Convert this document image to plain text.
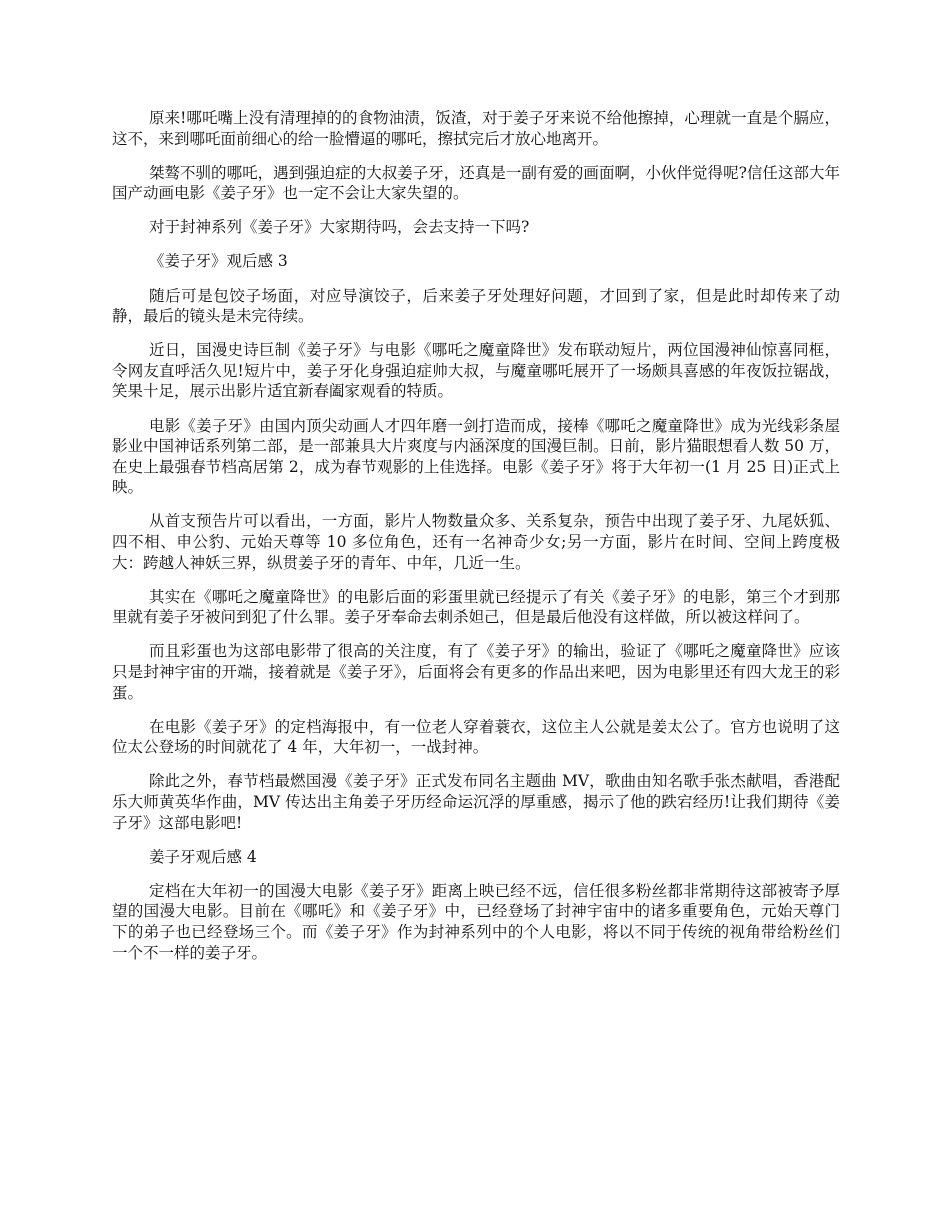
原来!哪吒嘴上没有清理掉的的食物油渍，饭渣，对于姜子牙来说不给他擦掉，心理就一直是个膈应，这不，来到哪吒面前细心的给一脸懵逼的哪吒，擦拭完后才放心地离开。

桀骜不驯的哪吒，遇到强迫症的大叔姜子牙，还真是一副有爱的画面啊，小伙伴觉得呢?信任这部大年国产动画电影《姜子牙》也一定不会让大家失望的。

对于封神系列《姜子牙》大家期待吗，会去支持一下吗?

《姜子牙》观后感 3

随后可是包饺子场面，对应导演饺子，后来姜子牙处理好问题，才回到了家，但是此时却传来了动静，最后的镜头是未完待续。

近日，国漫史诗巨制《姜子牙》与电影《哪吒之魔童降世》发布联动短片，两位国漫神仙惊喜同框，令网友直呼活久见!短片中，姜子牙化身强迫症帅大叔，与魔童哪吒展开了一场颇具喜感的年夜饭拉锯战，笑果十足，展示出影片适宜新春阖家观看的特质。

电影《姜子牙》由国内顶尖动画人才四年磨一剑打造而成，接棒《哪吒之魔童降世》成为光线彩条屋影业中国神话系列第二部，是一部兼具大片爽度与内涵深度的国漫巨制。日前，影片猫眼想看人数 50 万，在史上最强春节档高居第 2，成为春节观影的上佳选择。电影《姜子牙》将于大年初一(1 月 25 日)正式上映。

从首支预告片可以看出，一方面，影片人物数量众多、关系复杂，预告中出现了姜子牙、九尾妖狐、四不相、申公豹、元始天尊等 10 多位角色，还有一名神奇少女;另一方面，影片在时间、空间上跨度极大：跨越人神妖三界，纵贯姜子牙的青年、中年，几近一生。

其实在《哪吒之魔童降世》的电影后面的彩蛋里就已经提示了有关《姜子牙》的电影，第三个才到那里就有姜子牙被问到犯了什么罪。姜子牙奉命去刺杀妲己，但是最后他没有这样做，所以被这样问了。

而且彩蛋也为这部电影带了很高的关注度，有了《姜子牙》的输出，验证了《哪吒之魔童降世》应该只是封神宇宙的开端，接着就是《姜子牙》，后面将会有更多的作品出来吧，因为电影里还有四大龙王的彩蛋。

在电影《姜子牙》的定档海报中，有一位老人穿着蓑衣，这位主人公就是姜太公了。官方也说明了这位太公登场的时间就花了 4 年，大年初一，一战封神。

除此之外，春节档最燃国漫《姜子牙》正式发布同名主题曲 MV，歌曲由知名歌手张杰献唱，香港配乐大师黄英华作曲，MV 传达出主角姜子牙历经命运沉浮的厚重感，揭示了他的跌宕经历!让我们期待《姜子牙》这部电影吧!

姜子牙观后感 4

定档在大年初一的国漫大电影《姜子牙》距离上映已经不远，信任很多粉丝都非常期待这部被寄予厚望的国漫大电影。目前在《哪吒》和《姜子牙》中，已经登场了封神宇宙中的诸多重要角色，元始天尊门下的弟子也已经登场三个。而《姜子牙》作为封神系列中的个人电影，将以不同于传统的视角带给粉丝们一个不一样的姜子牙。
